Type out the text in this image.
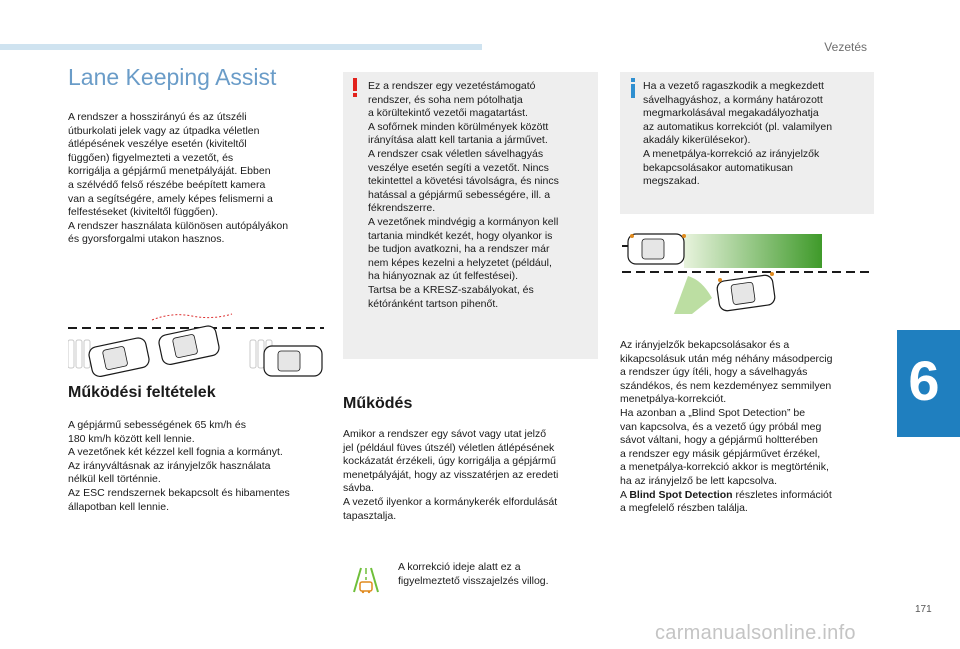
Vezetés
6
Lane Keeping Assist
A rendszer a hosszirányú és az útszéli
útburkolati jelek vagy az útpadka véletlen
átlépésének veszélye esetén (kiviteltől
függően) figyelmezteti a vezetőt, és
korrigálja a gépjármű menetpályáját. Ebben
a szélvédő felső részébe beépített kamera
van a segítségére, amely képes felismerni a
felfestéseket (kiviteltől függően).
A rendszer használata különösen autópályákon
és gyorsforgalmi utakon hasznos.
Működési feltételek
A gépjármű sebességének 65 km/h és
180 km/h között kell lennie.
A vezetőnek két kézzel kell fognia a kormányt.
Az irányváltásnak az irányjelzők használata
nélkül kell történnie.
Az ESC rendszernek bekapcsolt és hibamentes
állapotban kell lennie.
Ez a rendszer egy vezetéstámogató
rendszer, és soha nem pótolhatja
a körültekintő vezetői magatartást.
A sofőrnek minden körülmények között
irányítása alatt kell tartania a járművet.
A rendszer csak véletlen sávelhagyás
veszélye esetén segíti a vezetőt. Nincs
tekintettel a követési távolságra, és nincs
hatással a gépjármű sebességére, ill. a
fékrendszerre.
A vezetőnek mindvégig a kormányon kell
tartania mindkét kezét, hogy olyankor is
be tudjon avatkozni, ha a rendszer már
nem képes kezelni a helyzetet (például,
ha hiányoznak az út felfestései).
Tartsa be a KRESZ-szabályokat, és
kétóránként tartson pihenőt.
Működés
Amikor a rendszer egy sávot vagy utat jelző
jel (például füves útszél) véletlen átlépésének
kockázatát érzékeli, úgy korrigálja a gépjármű
menetpályáját, hogy az visszatérjen az eredeti
sávba.
A vezető ilyenkor a kormánykerék elfordulását
tapasztalja.
A korrekció ideje alatt ez a
figyelmeztető visszajelzés villog.
Ha a vezető ragaszkodik a megkezdett
sávelhagyáshoz, a kormány határozott
megmarkolásával megakadályozhatja
az automatikus korrekciót (pl. valamilyen
akadály kikerülésekor).
A menetpálya-korrekció az irányjelzők
bekapcsolásakor automatikusan
megszakad.
Az irányjelzők bekapcsolásakor és a
kikapcsolásuk után még néhány másodpercig
a rendszer úgy ítéli, hogy a sávelhagyás
szándékos, és nem kezdeményez semmilyen
menetpálya-korrekciót.
Ha azonban a „Blind Spot Detection” be
van kapcsolva, és a vezető úgy próbál meg
sávot váltani, hogy a gépjármű holtterében
a rendszer egy másik gépjárművet érzékel,
a menetpálya-korrekció akkor is megtörténik,
ha az irányjelző be lett kapcsolva.
A Blind Spot Detection részletes információt
a megfelelő részben találja.
171
carmanualsonline.info
